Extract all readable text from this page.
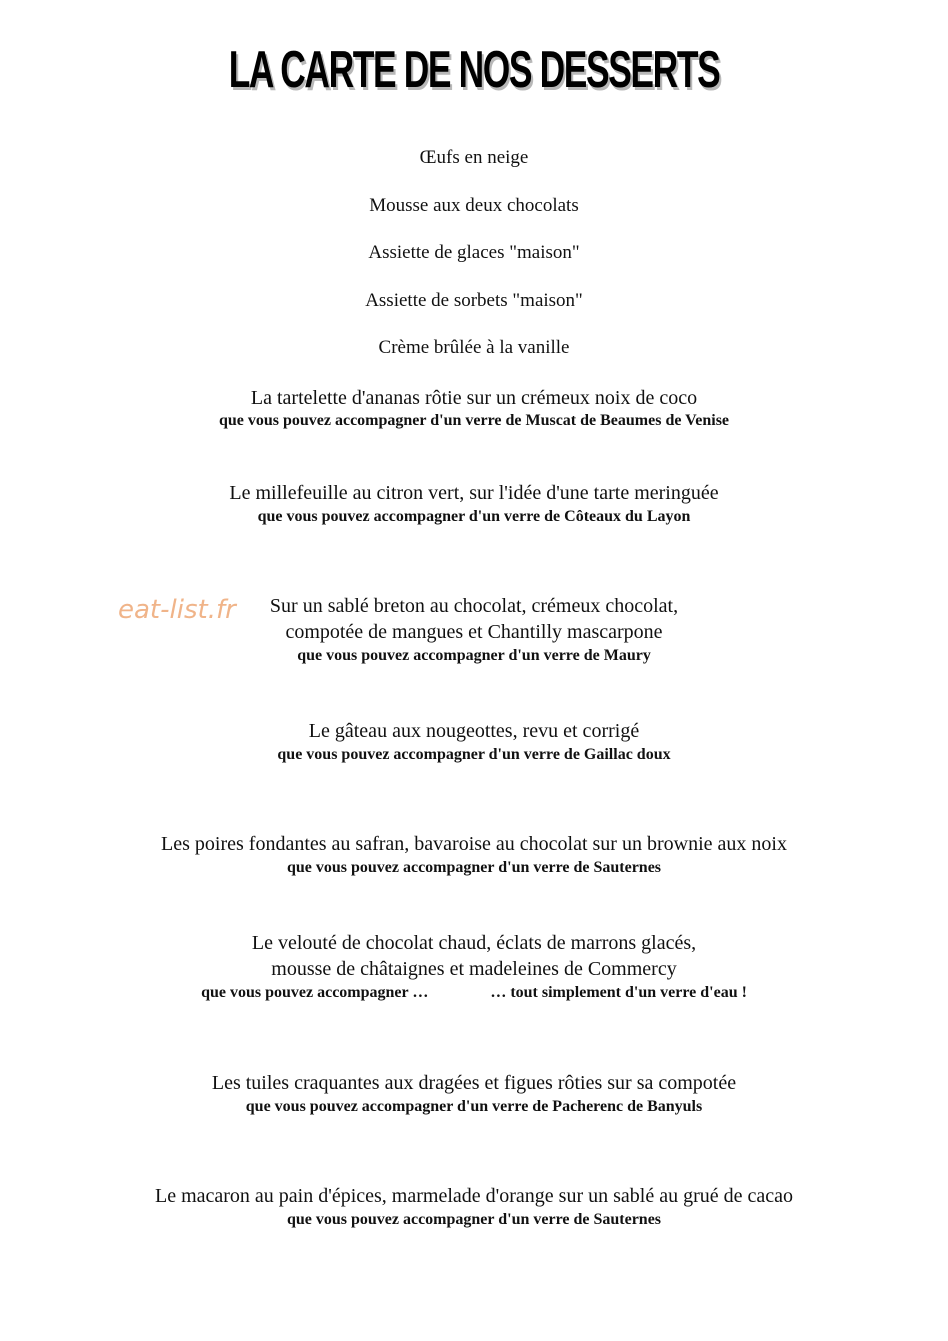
LA CARTE DE NOS DESSERTS
Œufs en neige
Mousse aux deux chocolats
Assiette de glaces "maison"
Assiette de sorbets "maison"
Crème brûlée à la vanille
La tartelette d'ananas rôtie sur un crémeux noix de coco
que vous pouvez accompagner d'un verre de Muscat de Beaumes de Venise
Le millefeuille au citron vert, sur l'idée d'une tarte meringuée
que vous pouvez accompagner d'un verre de Côteaux du Layon
eat-list.fr	Sur un sablé breton au chocolat, crémeux chocolat,
compotée de mangues et Chantilly mascarpone
que vous pouvez accompagner d'un verre de Maury
Le gâteau aux nougeottes, revu et corrigé
que vous pouvez accompagner d'un verre de Gaillac doux
Les poires fondantes au safran, bavaroise au chocolat sur un brownie aux noix
que vous pouvez accompagner d'un verre de Sauternes
Le velouté de chocolat chaud, éclats de marrons glacés,
mousse de châtaignes et madeleines de Commercy
que vous pouvez accompagner …	… tout simplement d'un verre d'eau !
Les tuiles craquantes aux dragées et figues rôties sur sa compotée
que vous pouvez accompagner d'un verre de Pacherenc de Banyuls
Le macaron au pain d'épices, marmelade d'orange sur un sablé au grué de cacao
que vous pouvez accompagner d'un verre de Sauternes
